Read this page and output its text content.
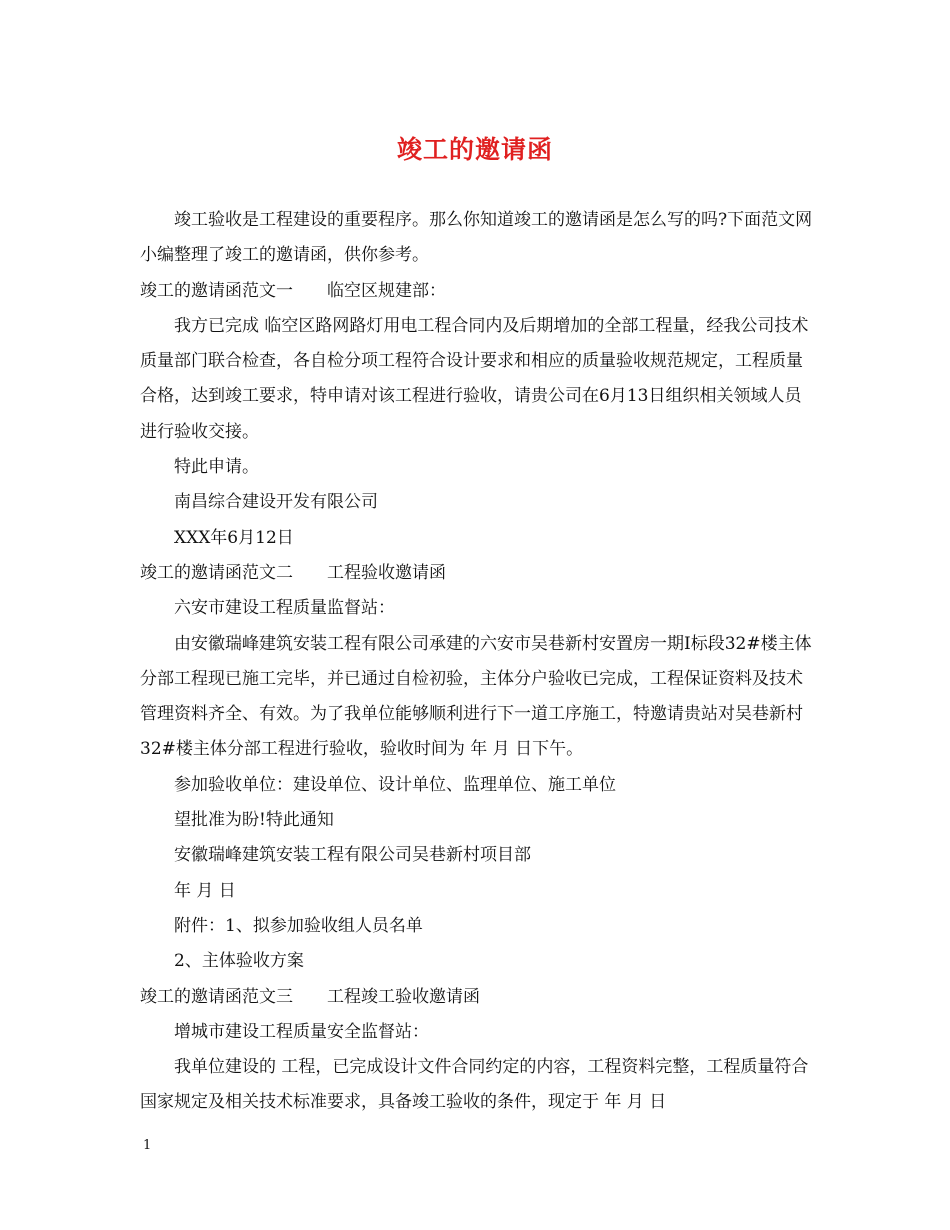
竣工的邀请函

竣工验收是工程建设的重要程序。那么你知道竣工的邀请函是怎么写的吗?下面范文网小编整理了竣工的邀请函，供你参考。

竣工的邀请函范文一　　临空区规建部：

我方已完成 临空区路网路灯用电工程合同内及后期增加的全部工程量，经我公司技术质量部门联合检查，各自检分项工程符合设计要求和相应的质量验收规范规定，工程质量合格，达到竣工要求，特申请对该工程进行验收，请贵公司在6月13日组织相关领域人员进行验收交接。

特此申请。

南昌综合建设开发有限公司

XXX年6月12日

竣工的邀请函范文二　　工程验收邀请函

六安市建设工程质量监督站：

由安徽瑞峰建筑安装工程有限公司承建的六安市吴巷新村安置房一期Ⅰ标段32#楼主体分部工程现已施工完毕，并已通过自检初验，主体分户验收已完成，工程保证资料及技术管理资料齐全、有效。为了我单位能够顺利进行下一道工序施工，特邀请贵站对吴巷新村32#楼主体分部工程进行验收，验收时间为 年 月 日下午。

参加验收单位：建设单位、设计单位、监理单位、施工单位

望批准为盼!特此通知

安徽瑞峰建筑安装工程有限公司吴巷新村项目部

年 月 日

附件：1、拟参加验收组人员名单

2、主体验收方案

竣工的邀请函范文三　　工程竣工验收邀请函

增城市建设工程质量安全监督站：

我单位建设的 工程，已完成设计文件合同约定的内容，工程资料完整，工程质量符合国家规定及相关技术标准要求，具备竣工验收的条件，现定于 年 月 日

1
